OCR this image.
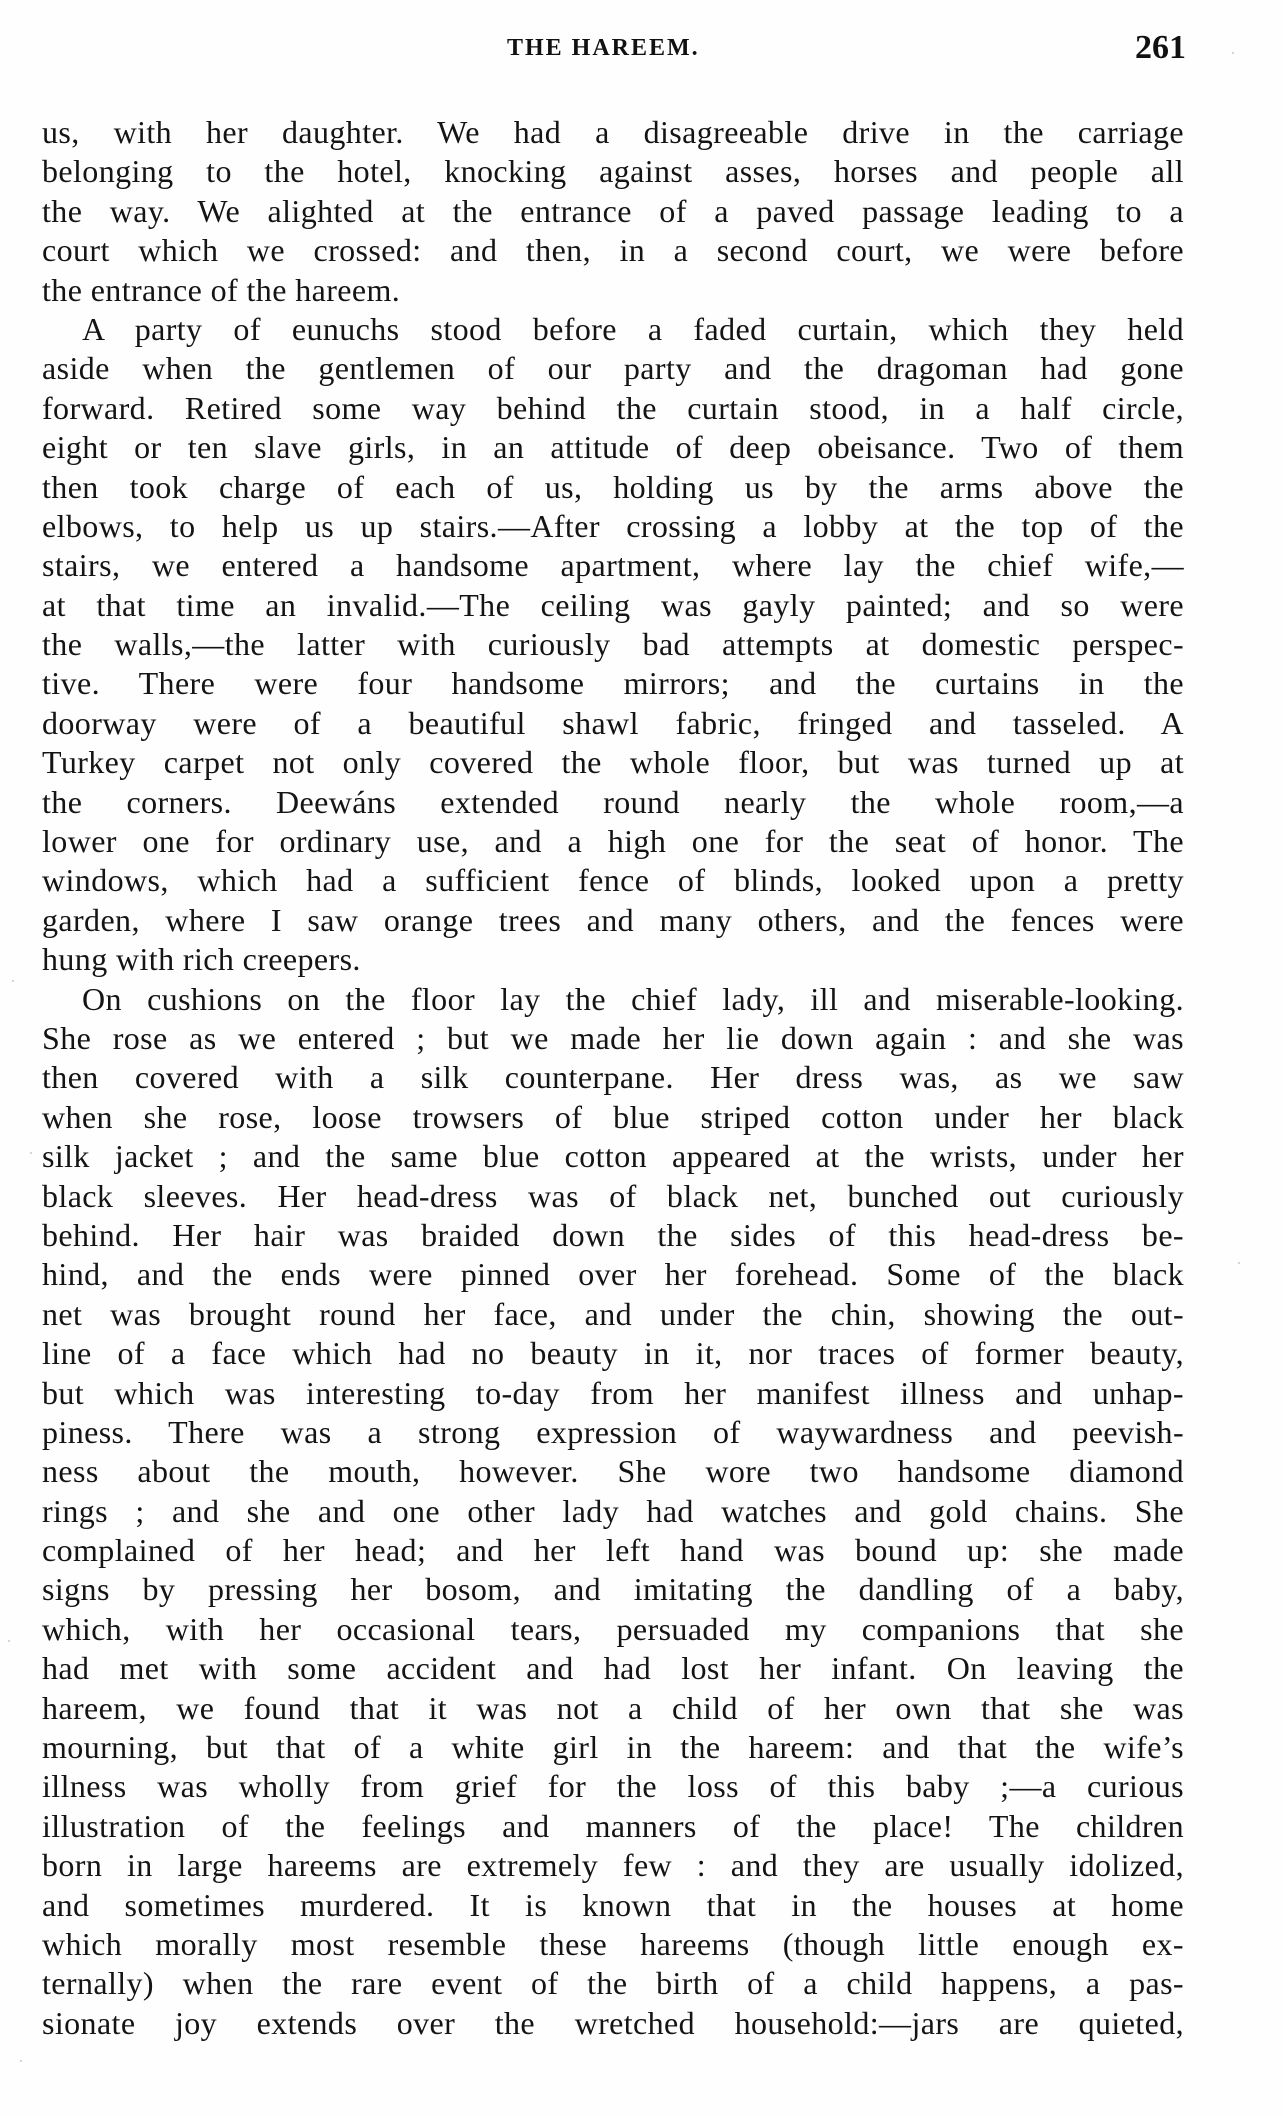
THE HAREEM.	261
us, with her daughter. We had a disagreeable drive in the carriage
belonging to the hotel, knocking against asses, horses and people all
the way. We alighted at the entrance of a paved passage leading to a
court which we crossed: and then, in a second court, we were before
the entrance of the hareem.
A party of eunuchs stood before a faded curtain, which they held
aside when the gentlemen of our party and the dragoman had gone
forward. Retired some way behind the curtain stood, in a half circle,
eight or ten slave girls, in an attitude of deep obeisance. Two of them
then took charge of each of us, holding us by the arms above the
elbows, to help us up stairs.—After crossing a lobby at the top of the
stairs, we entered a handsome apartment, where lay the chief wife,—
at that time an invalid.—The ceiling was gayly painted; and so were
the walls,—the latter with curiously bad attempts at domestic perspec-
tive. There were four handsome mirrors; and the curtains in the
doorway were of a beautiful shawl fabric, fringed and tasseled. A
Turkey carpet not only covered the whole floor, but was turned up at
the corners. Deewáns extended round nearly the whole room,—a
lower one for ordinary use, and a high one for the seat of honor. The
windows, which had a sufficient fence of blinds, looked upon a pretty
garden, where I saw orange trees and many others, and the fences were
hung with rich creepers.
On cushions on the floor lay the chief lady, ill and miserable-looking.
She rose as we entered ; but we made her lie down again : and she was
then covered with a silk counterpane. Her dress was, as we saw
when she rose, loose trowsers of blue striped cotton under her black
silk jacket ; and the same blue cotton appeared at the wrists, under her
black sleeves. Her head-dress was of black net, bunched out curiously
behind. Her hair was braided down the sides of this head-dress be-
hind, and the ends were pinned over her forehead. Some of the black
net was brought round her face, and under the chin, showing the out-
line of a face which had no beauty in it, nor traces of former beauty,
but which was interesting to-day from her manifest illness and unhap-
piness. There was a strong expression of waywardness and peevish-
ness about the mouth, however. She wore two handsome diamond
rings ; and she and one other lady had watches and gold chains. She
complained of her head; and her left hand was bound up: she made
signs by pressing her bosom, and imitating the dandling of a baby,
which, with her occasional tears, persuaded my companions that she
had met with some accident and had lost her infant. On leaving the
hareem, we found that it was not a child of her own that she was
mourning, but that of a white girl in the hareem: and that the wife’s
illness was wholly from grief for the loss of this baby ;—a curious
illustration of the feelings and manners of the place! The children
born in large hareems are extremely few : and they are usually idolized,
and sometimes murdered. It is known that in the houses at home
which morally most resemble these hareems (though little enough ex-
ternally) when the rare event of the birth of a child happens, a pas-
sionate joy extends over the wretched household:—jars are quieted,
